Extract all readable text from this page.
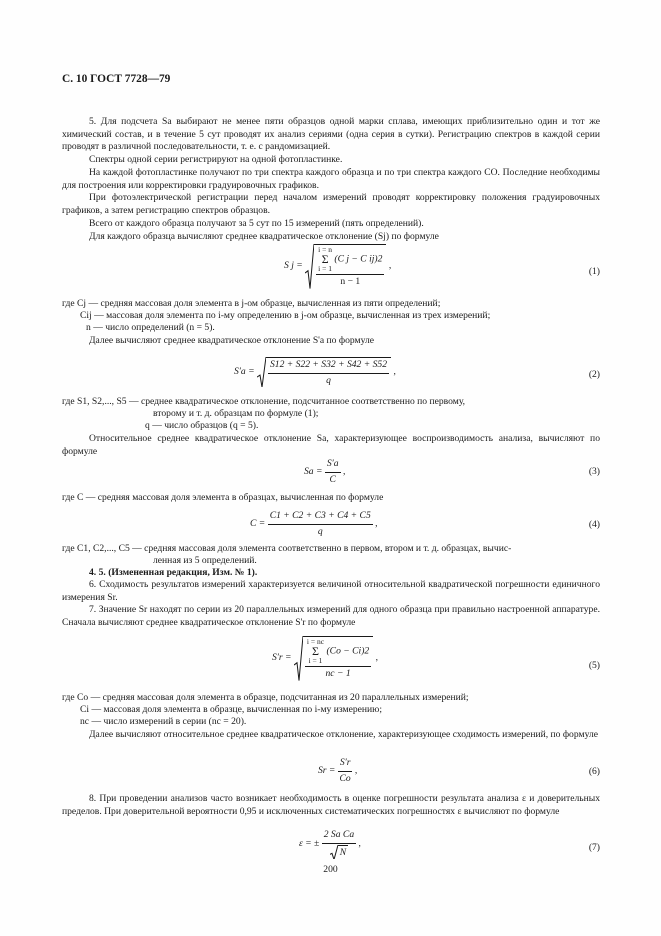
С. 10 ГОСТ 7728—79
5. Для подсчета Sa выбирают не менее пяти образцов одной марки сплава, имеющих приблизительно один и тот же химический состав, и в течение 5 сут проводят их анализ сериями (одна серия в сутки). Регистрацию спектров в каждой серии проводят в различной последовательности, т. е. с рандомизацией.
Спектры одной серии регистрируют на одной фотопластинке.
На каждой фотопластинке получают по три спектра каждого образца и по три спектра каждого СО. Последние необходимы для построения или корректировки градуировочных графиков.
При фотоэлектрической регистрации перед началом измерений проводят корректировку положения градуировочных графиков, а затем регистрацию спектров образцов.
Всего от каждого образца получают за 5 сут по 15 измерений (пять определений).
Для каждого образца вычисляют среднее квадратическое отклонение (Sj) по формуле
S j =
i = n
Σ
i = 1 (C j − C ij)2
n − 1
,
(1)
где Cj — средняя массовая доля элемента в j-ом образце, вычисленная из пяти определений;
Cij — массовая доля элемента по i-му определению в j-ом образце, вычисленная из трех измерений;
n — число определений (n = 5).
Далее вычисляют среднее квадратическое отклонение S'a по формуле
$S'a = \frac{S12 + S22 + S32 + S42 + S52}{q}$ ,	(2)
где S1, S2,..., S5 — среднее квадратическое отклонение, подсчитанное соответственно по первому,
второму и т. д. образцам по формуле (1);
q — число образцов (q = 5).
Относительное среднее квадратическое отклонение Sa, характеризующее воспроизводимость анализа, вычисляют по формуле
$Sa = \frac{S'a}{C}$ ,	(3)
где C — средняя массовая доля элемента в образцах, вычисленная по формуле
$C = \frac{C1 + C2 + C3 + C4 + C5}{q}$ ,	(4)
где C1, C2,..., C5 — средняя массовая доля элемента соответственно в первом, втором и т. д. образцах, вычис-
ленная из 5 определений.
4. 5. (Измененная редакция, Изм. № 1).
6. Сходимость результатов измерений характеризуется величиной относительной квадратической погрешности единичного измерения Sr.
7. Значение Sr находят по серии из 20 параллельных измерений для одного образца при правильно настроенной аппаратуре. Сначала вычисляют среднее квадратическое отклонение S'r по формуле
S′r =
i = nc
Σ
i = 1 (Co − Ci)2
nc − 1
,
(5)
где Co — средняя массовая доля элемента в образце, подсчитанная из 20 параллельных измерений;
Ci — массовая доля элемента в образце, вычисленная по i-му измерению;
nc — число измерений в серии (nc = 20).
Далее вычисляют относительное среднее квадратическое отклонение, характеризующее сходимость измерений, по формуле
$Sr = \frac{S'r}{Co}$ ,	(6)
8. При проведении анализов часто возникает необходимость в оценке погрешности результата анализа ε и доверительных пределов. При доверительной вероятности 0,95 и исключенных систематических погрешностях ε вычисляют по формуле
ε = ± $\frac{\text{2 Sa Ca}}{N}$ ,	(7)
200
